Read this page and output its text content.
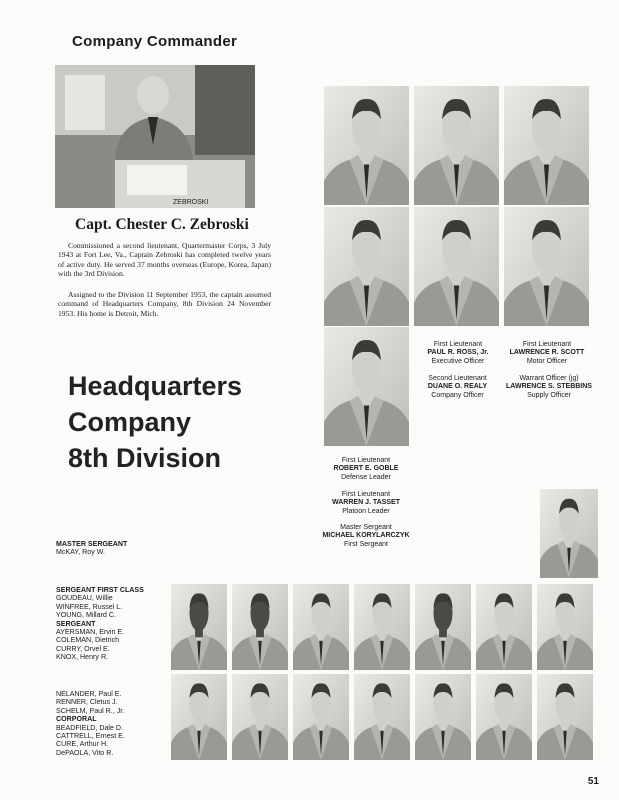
Company Commander
ZEBROSKI
Capt. Chester C. Zebroski
Commissioned a second lieutenant, Quartermaster Corps, 3 July 1943 at Fort Lee, Va., Captain Zebroski has completed twelve years of active duty. He served 37 months overseas (Europe, Korea, Japan) with the 3rd Division.
Assigned to the Division 11 September 1953, the captain assumed command of Headquarters Company, 8th Division 24 November 1953. His home is Detroit, Mich.
Headquarters
Company
8th Division
First Lieutenant
PAUL R. ROSS, Jr.
Executive Officer
First Lieutenant
LAWRENCE R. SCOTT
Motor Officer
Second Lieutenant
DUANE O. REALY
Company Officer
Warrant Officer (jg)
LAWRENCE S. STEBBINS
Supply Officer
First Lieutenant
ROBERT E. GOBLE
Defense Leader
First Lieutenant
WARREN J. TASSET
Platoon Leader
Master Sergeant
MICHAEL KORYLARCZYK
First Sergeant
MASTER SERGEANT
McKAY, Roy W.
SERGEANT FIRST CLASS
GOUDEAU, Willie
WINFREE, Russel L.
YOUNG, Millard C.
SERGEANT
AYERSMAN, Ervin E.
COLEMAN, Dietrich
CURRY, Orvel E.
KNOX, Henry R.
NELANDER, Paul E.
RENNER, Cletus J.
SCHELM, Paul R., Jr.
CORPORAL
BEADFIELD, Dale D.
CATTRELL, Ernest E.
CURE, Arthur H.
DePAOLA, Vito R.
51
